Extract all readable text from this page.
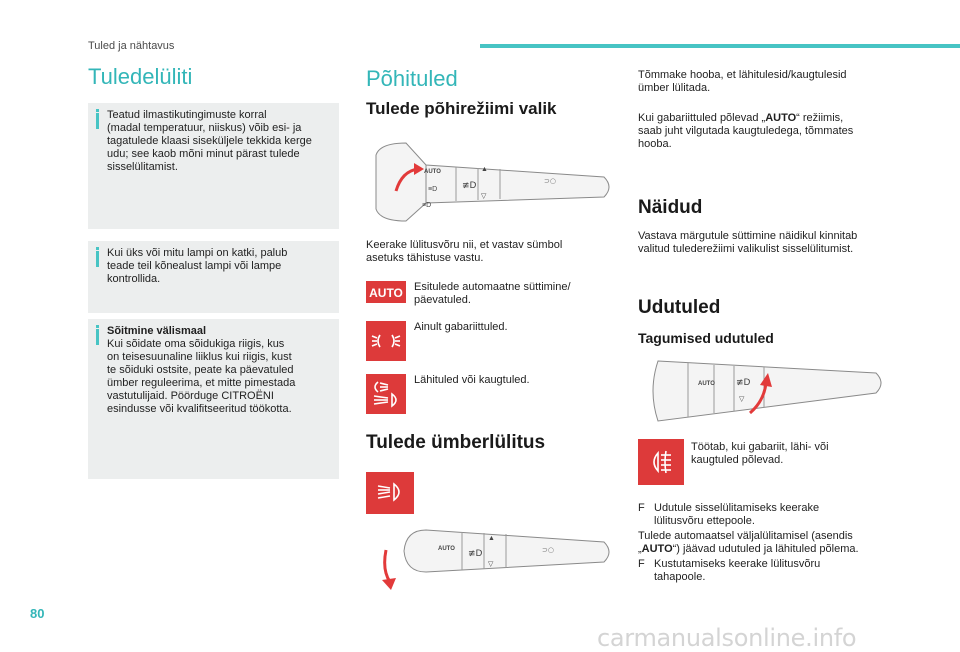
Tuled ja nähtavus
Tuledelüliti
Teatud ilmastikutingimuste korral
(madal temperatuur, niiskus) võib esi- ja
tagatulede klaasi siseküljele tekkida kerge
udu; see kaob mõni minut pärast tulede
sisselülitamist.
Kui üks või mitu lampi on katki, palub
teade teil kõnealust lampi või lampe
kontrollida.
Sõitmine välismaal
Kui sõidate oma sõidukiga riigis, kus
on teisesuunaline liiklus kui riigis, kust
te sõiduki ostsite, peate ka päevatuled
ümber reguleerima, et mitte pimestada
vastutulijaid. Pöörduge CITROËNI
esindusse või kvalifitseeritud töökotta.
Põhituled
Tulede põhirežiimi valik
AUTO
≡D
≡D
≢D
▲
▽
⊃○
Keerake lülitusvõru nii, et vastav sümbol
asetuks tähistuse vastu.
AUTO Esitulede automaatne süttimine/
päevatuled.
Ainult gabariittuled.
Lähituled või kaugtuled.
Tulede ümberlülitus
AUTO ≢D
▲
▽
⊃○
Tõmmake hooba, et lähitulesid/kaugtulesid
ümber lülitada.
Kui gabariittuled põlevad „AUTO“ režiimis,
saab juht vilgutada kaugtuledega, tõmmates
hooba.
Näidud
Vastava märgutule süttimine näidikul kinnitab
valitud tulederežiimi valikulist sisselülitumist.
Udutuled
Tagumised udutuled
AUTO ≢D
▽
Töötab, kui gabariit, lähi- või
kaugtuled põlevad.
F Udutule sisselülitamiseks keerake
lülitusvõru ettepoole.
Tulede automaatsel väljalülitamisel (asendis
„AUTO“) jäävad udutuled ja lähituled põlema.
F Kustutamiseks keerake lülitusvõru
tahapoole.
80
carmanualsonline.info
